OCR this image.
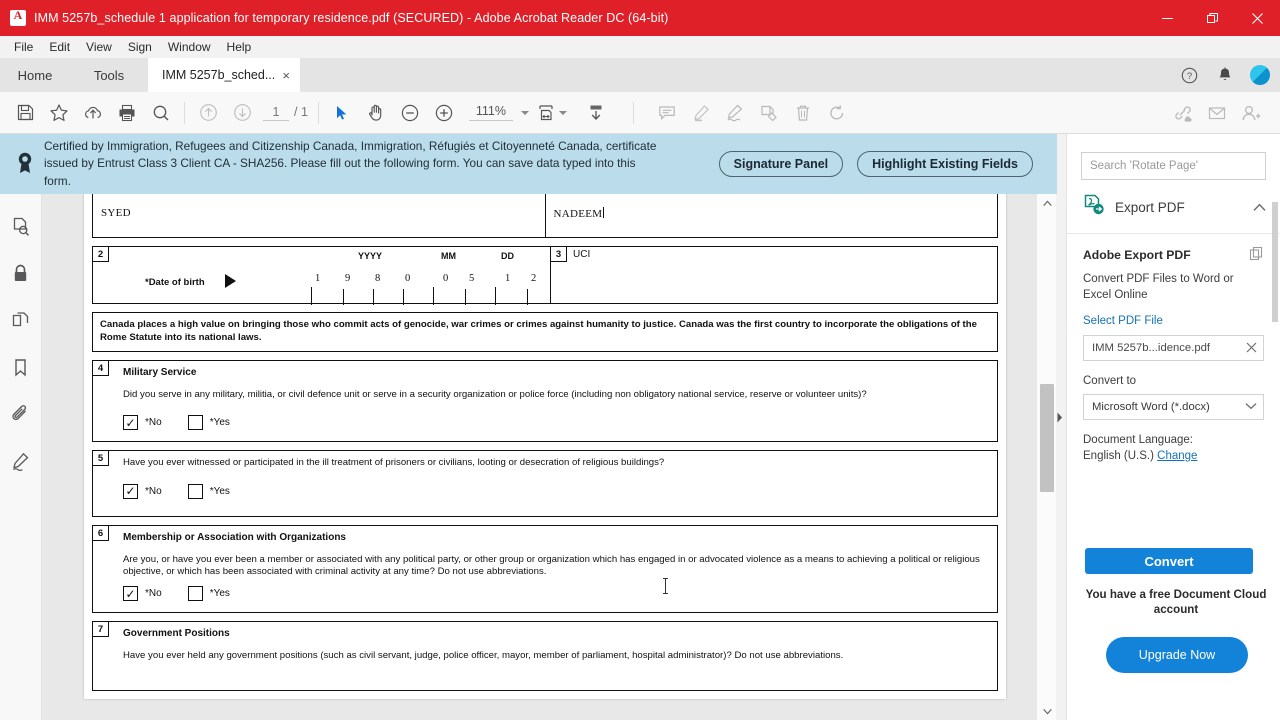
A
IMM 5257b_schedule 1 application for temporary residence.pdf (SECURED) - Adobe Acrobat Reader DC (64-bit)
File	Edit	View	Sign	Window	Help
Home	Tools	IMM 5257b_sched... ×	?
1	/ 1	111%
Certified by Immigration, Refugees and Citizenship Canada, Immigration, Réfugiés et Citoyenneté Canada, certificate issued by Entrust Class 3 Client CA - SHA256. Please fill out the following form. You can save data typed into this form.
Signature Panel	Highlight Existing Fields
SYED	NADEEM
2
*Date of birth
YYYY	MM	DD
1 9 8 0	0 5	1 2
3	UCI
Canada places a high value on bringing those who commit acts of genocide, war crimes or crimes against humanity to justice. Canada was the first country to incorporate the obligations of the Rome Statute into its national laws.
4	Military Service
Did you serve in any military, militia, or civil defence unit or serve in a security organization or police force (including non obligatory national service, reserve or volunteer units)?
✓ *No	*Yes
5	Have you ever witnessed or participated in the ill treatment of prisoners or civilians, looting or desecration of religious buildings?
✓ *No	*Yes
6	Membership or Association with Organizations
Are you, or have you ever been a member or associated with any political party, or other group or organization which has engaged in or advocated violence as a means to achieving a political or religious objective, or which has been associated with criminal activity at any time? Do not use abbreviations.
✓ *No	*Yes
7	Government Positions
Have you ever held any government positions (such as civil servant, judge, police officer, mayor, member of parliament, hospital administrator)? Do not use abbreviations.
Search 'Rotate Page'
Export PDF
Adobe Export PDF
Convert PDF Files to Word or Excel Online
Select PDF File
IMM 5257b...idence.pdf
Convert to
Microsoft Word (*.docx)
Document Language:
English (U.S.) Change
Convert
You have a free Document Cloud account
Upgrade Now
